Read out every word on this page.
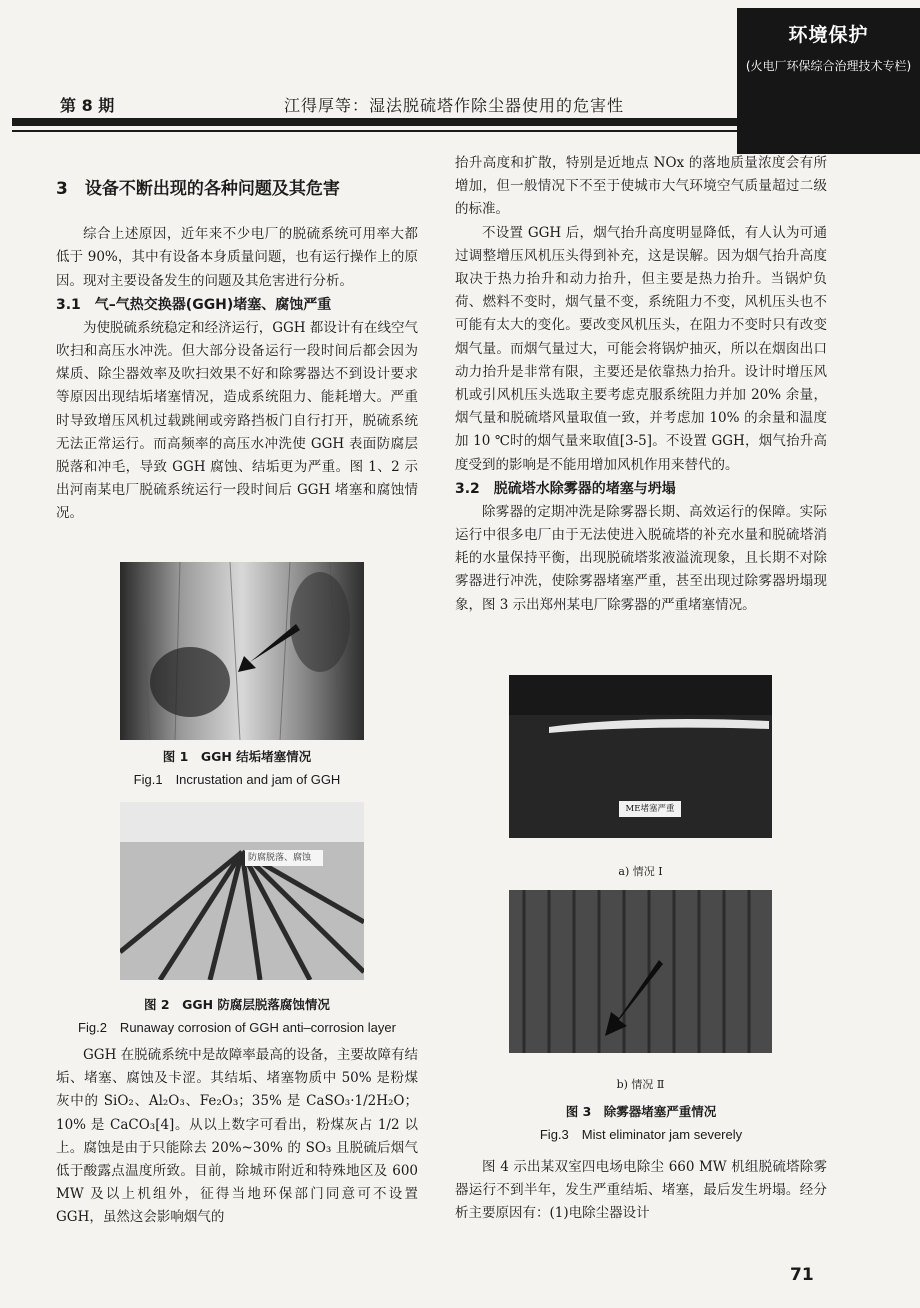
环境保护
(火电厂环保综合治理技术专栏)
第 8 期	江得厚等：湿法脱硫塔作除尘器使用的危害性
3　设备不断出现的各种问题及其危害

综合上述原因，近年来不少电厂的脱硫系统可用率大都低于 90%，其中有设备本身质量问题，也有运行操作上的原因。现对主要设备发生的问题及其危害进行分析。

3.1　气–气热交换器(GGH)堵塞、腐蚀严重

为使脱硫系统稳定和经济运行，GGH 都设计有在线空气吹扫和高压水冲洗。但大部分设备运行一段时间后都会因为煤质、除尘器效率及吹扫效果不好和除雾器达不到设计要求等原因出现结垢堵塞情况，造成系统阻力、能耗增大。严重时导致增压风机过载跳闸或旁路挡板门自行打开，脱硫系统无法正常运行。而高频率的高压水冲洗使 GGH 表面防腐层脱落和冲毛，导致 GGH 腐蚀、结垢更为严重。图 1、2 示出河南某电厂脱硫系统运行一段时间后 GGH 堵塞和腐蚀情况。

图 1　GGH 结垢堵塞情况
Fig.1　Incrustation and jam of GGH
防腐脱落、腐蚀
图 2　GGH 防腐层脱落腐蚀情况
Fig.2　Runaway corrosion of GGH anti–corrosion layer

GGH 在脱硫系统中是故障率最高的设备，主要故障有结垢、堵塞、腐蚀及卡涩。其结垢、堵塞物质中 50% 是粉煤灰中的 SiO₂、Al₂O₃、Fe₂O₃；35% 是 CaSO₃·1/2H₂O；10% 是 CaCO₃[4]。从以上数字可看出，粉煤灰占 1/2 以上。腐蚀是由于只能除去 20%~30% 的 SO₃ 且脱硫后烟气低于酸露点温度所致。目前，除城市附近和特殊地区及 600 MW 及以上机组外，征得当地环保部门同意可不设置 GGH，虽然这会影响烟气的

抬升高度和扩散，特别是近地点 NOx 的落地质量浓度会有所增加，但一般情况下不至于使城市大气环境空气质量超过二级的标准。

不设置 GGH 后，烟气抬升高度明显降低，有人认为可通过调整增压风机压头得到补充，这是误解。因为烟气抬升高度取决于热力抬升和动力抬升，但主要是热力抬升。当锅炉负荷、燃料不变时，烟气量不变，系统阻力不变，风机压头也不可能有太大的变化。要改变风机压头，在阻力不变时只有改变烟气量。而烟气量过大，可能会将锅炉抽灭，所以在烟囱出口动力抬升是非常有限，主要还是依靠热力抬升。设计时增压风机或引风机压头选取主要考虑克服系统阻力并加 20% 余量，烟气量和脱硫塔风量取值一致，并考虑加 10% 的余量和温度加 10 ℃时的烟气量来取值[3-5]。不设置 GGH，烟气抬升高度受到的影响是不能用增加风机作用来替代的。

3.2　脱硫塔水除雾器的堵塞与坍塌

除雾器的定期冲洗是除雾器长期、高效运行的保障。实际运行中很多电厂由于无法使进入脱硫塔的补充水量和脱硫塔消耗的水量保持平衡，出现脱硫塔浆液溢流现象，且长期不对除雾器进行冲洗，使除雾器堵塞严重，甚至出现过除雾器坍塌现象，图 3 示出郑州某电厂除雾器的严重堵塞情况。

ME堵塞严重
a) 情况 Ⅰ
b) 情况 Ⅱ
图 3　除雾器堵塞严重情况
Fig.3　Mist eliminator jam severely

图 4 示出某双室四电场电除尘 660 MW 机组脱硫塔除雾器运行不到半年，发生严重结垢、堵塞，最后发生坍塌。经分析主要原因有：(1)电除尘器设计

71
